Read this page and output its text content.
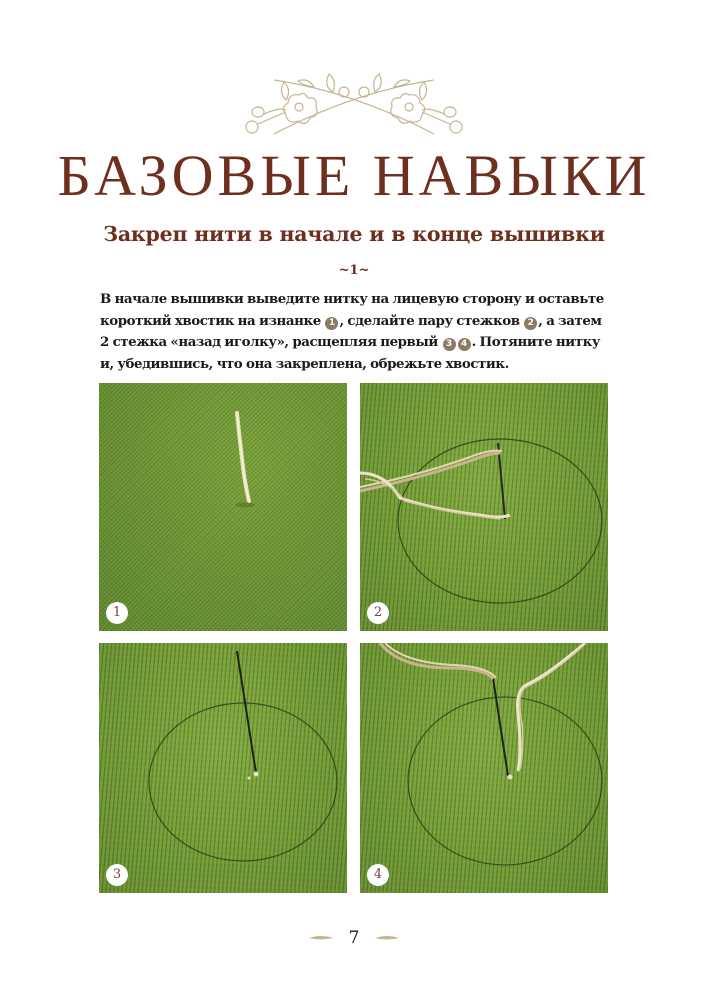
БАЗОВЫЕ НАВЫКИ
Закреп нити в начале и в конце вышивки
~1~
В начале вышивки выведите нитку на лицевую сторону и оставьте
короткий хвостик на изнанке 1 , сделайте пару стежков 2 , а затем
2 стежка «назад иголку», расщепляя первый 3 4 . Потяните нитку
и, убедившись, что она закреплена, обрежьте хвостик.
1	2
3	4
7
